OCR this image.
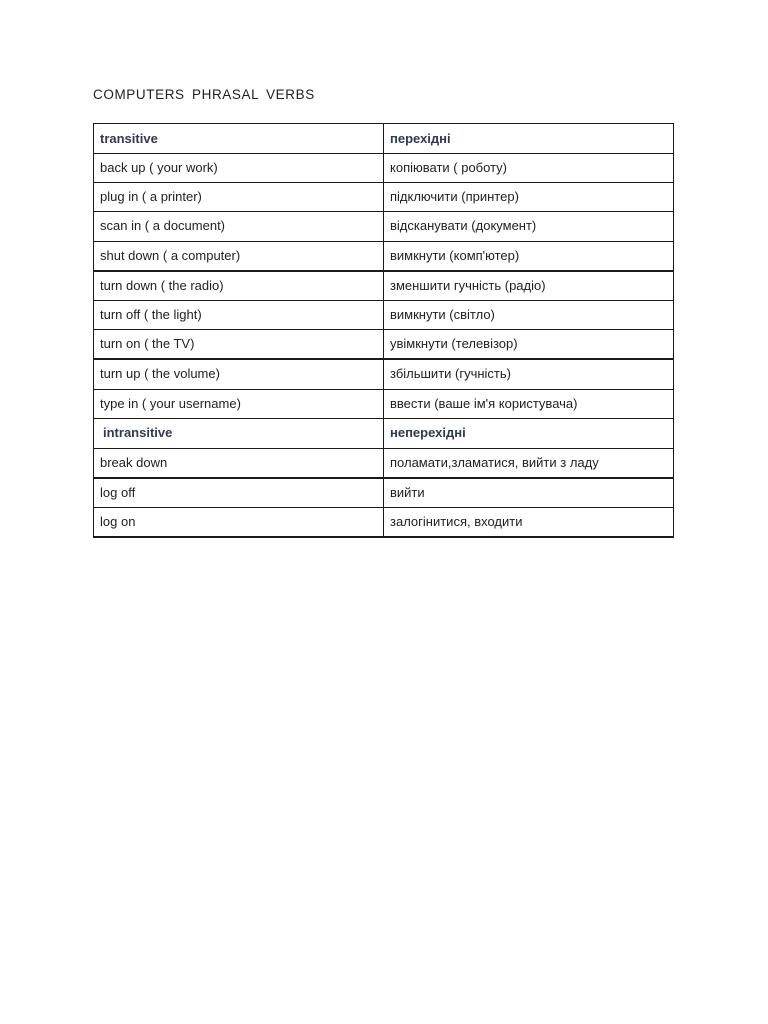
COMPUTERS PHRASAL VERBS
transitive	перехідні
back up ( your work)	копіювати ( роботу)
plug in ( a printer)	підключити (принтер)
scan in ( a document)	відсканувати (документ)
shut down ( a computer)	вимкнути (комп'ютер)
turn down ( the radio)	зменшити гучність (радіо)
turn off ( the light)	вимкнути (світло)
turn on ( the TV)	увімкнути (телевізор)
turn up ( the volume)	збільшити (гучність)
type in ( your username)	ввести (ваше ім'я користувача)
intransitive	неперехідні
break down	поламати,зламатися, вийти з ладу
log off	вийти
log on	залогінитися, входити
